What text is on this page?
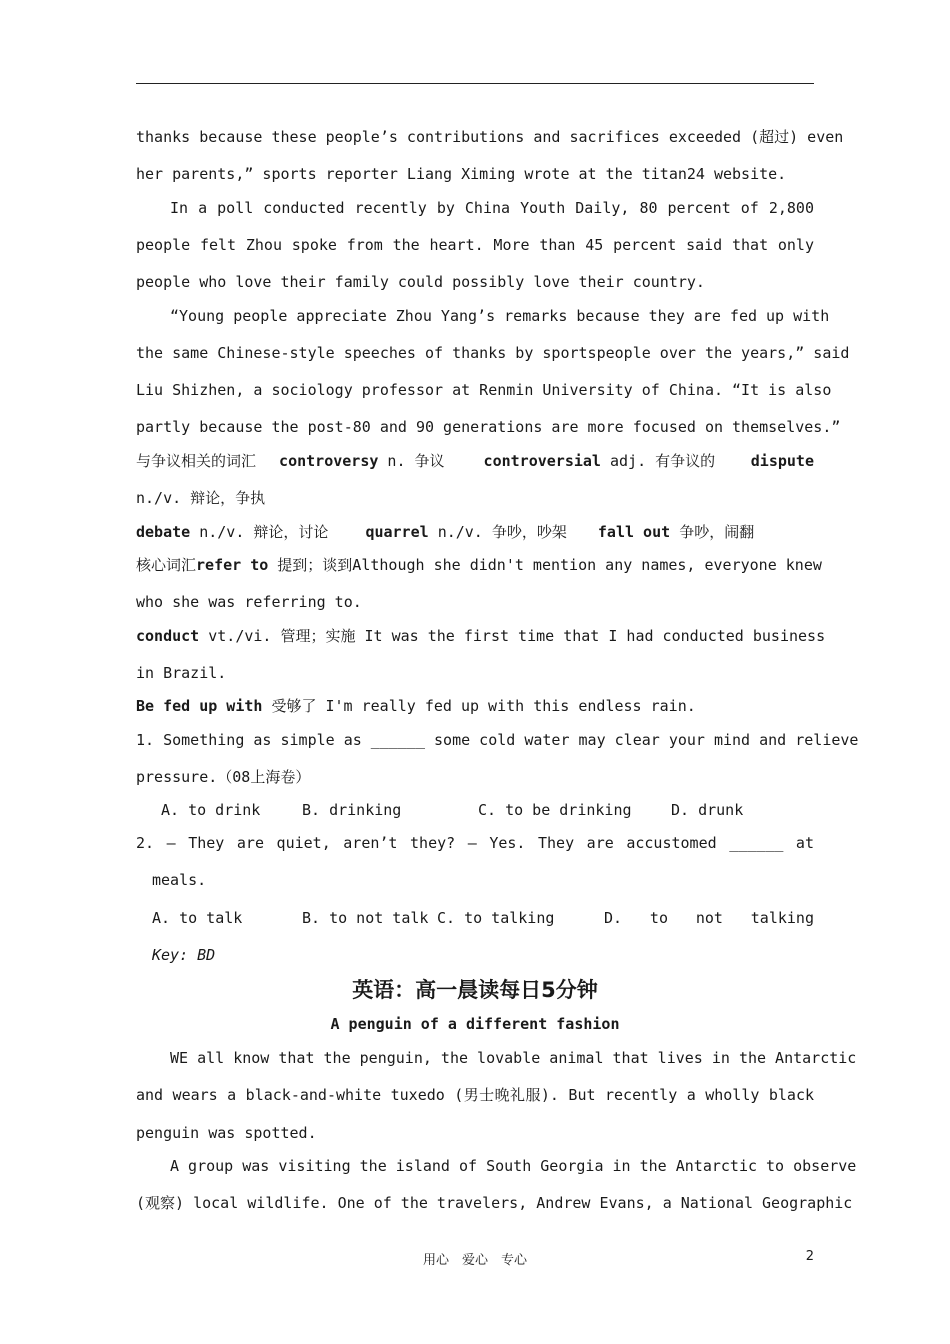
thanks because these people’s contributions and sacrifices exceeded (超过) even
her parents,” sports reporter Liang Ximing wrote at the titan24 website.
In a poll conducted recently by China Youth Daily, 80 percent of 2,800
people felt Zhou spoke from the heart. More than 45 percent said that only
people who love their family could possibly love their country.
“Young people appreciate Zhou Yang’s remarks because they are fed up with
the same Chinese-style speeches of thanks by sportspeople over the years,” said
Liu Shizhen, a sociology professor at Renmin University of China. “It is also
partly because the post-80 and 90 generations are more focused on themselves.”
与争议相关的词汇 controversy n. 争议	controversial adj. 有争议的 dispute
n./v. 辩论，争执
debate n./v. 辩论，讨论 quarrel n./v. 争吵，吵架 fall out 争吵，闹翻
核心词汇refer to 提到；谈到Although she didn't mention any names, everyone knew
who she was referring to.
conduct vt./vi. 管理；实施 It was the first time that I had conducted business
in Brazil.
Be fed up with 受够了 I'm really fed up with this endless rain.
1. Something as simple as ______ some cold water may clear your mind and relieve
pressure.（08上海卷）
A. to drink	B. drinking	C. to be drinking	D. drunk
2. – They are quiet, aren’t they? – Yes. They are accustomed ______ at
meals.
A. to talk	B. to not talk C. to talking	D. to not talking
Key: BD
英语：高一晨读每日5分钟
A penguin of a different fashion
WE all know that the penguin, the lovable animal that lives in the Antarctic
and wears a black-and-white tuxedo (男士晚礼服). But recently a wholly black
penguin was spotted.
A group was visiting the island of South Georgia in the Antarctic to observe
(观察) local wildlife. One of the travelers, Andrew Evans, a National Geographic
用心　爱心　专心	2
